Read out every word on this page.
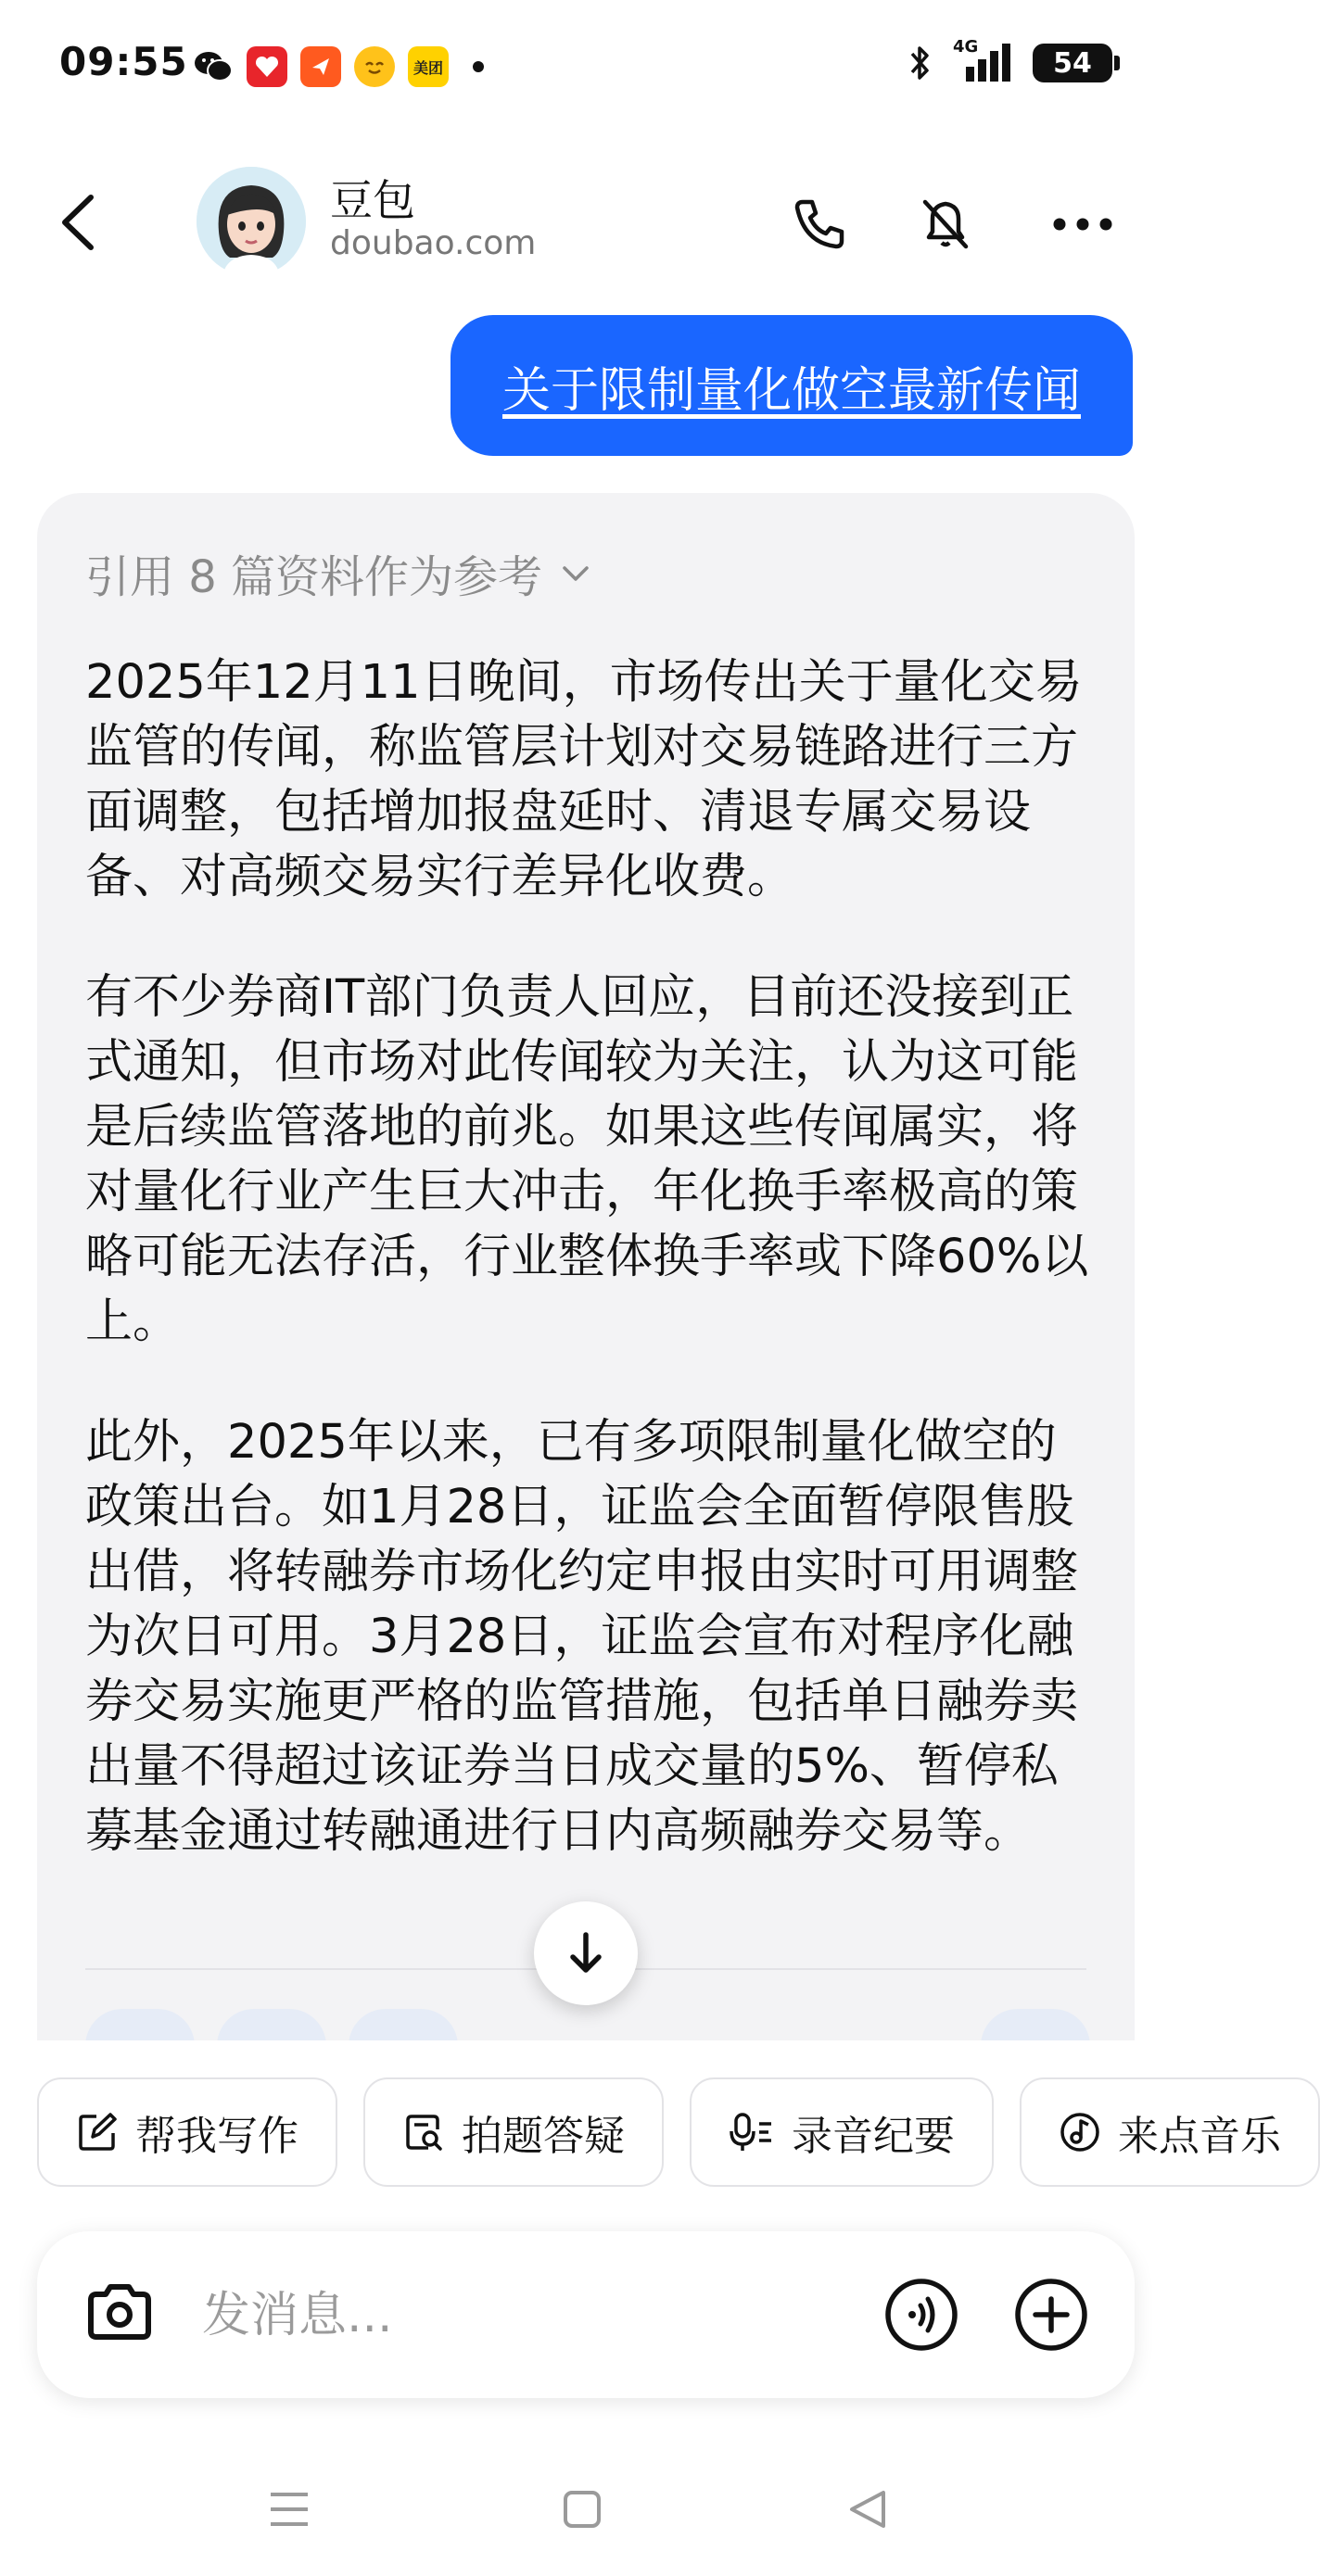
09:55	美团
4G	54
豆包
doubao.com
关于限制量化做空最新传闻
引用 8 篇资料作为参考

2025年12月11日晚间，市场传出关于量化交易监管的传闻，称监管层计划对交易链路进行三方面调整，包括增加报盘延时、清退专属交易设备、对高频交易实行差异化收费。

有不少券商IT部门负责人回应，目前还没接到正式通知，但市场对此传闻较为关注，认为这可能是后续监管落地的前兆。如果这些传闻属实，将对量化行业产生巨大冲击，年化换手率极高的策略可能无法存活，行业整体换手率或下降60%以上。

此外，2025年以来，已有多项限制量化做空的政策出台。如1月28日，证监会全面暂停限售股出借，将转融券市场化约定申报由实时可用调整为次日可用。3月28日，证监会宣布对程序化融券交易实施更严格的监管措施，包括单日融券卖出量不得超过该证券当日成交量的5%、暂停私募基金通过转融通进行日内高频融券交易等。

帮我写作	拍题答疑	录音纪要	来点音乐
发消息...
